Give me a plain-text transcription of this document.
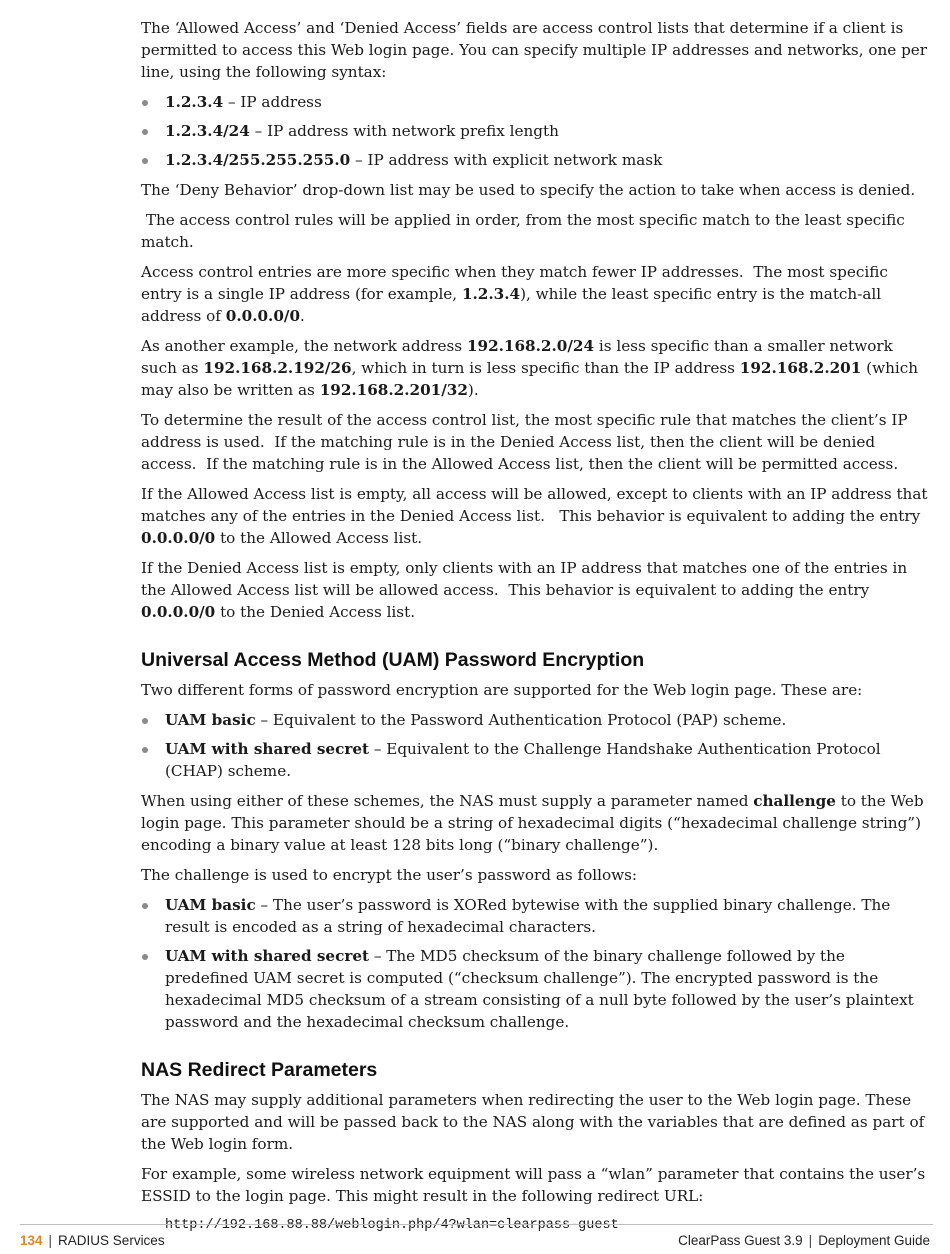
The ‘Allowed Access’ and ‘Denied Access’ fields are access control lists that determine if a client is permitted to access this Web login page. You can specify multiple IP addresses and networks, one per line, using the following syntax:

1.2.3.4 – IP address
1.2.3.4/24 – IP address with network prefix length
1.2.3.4/255.255.255.0 – IP address with explicit network mask

The ‘Deny Behavior’ drop-down list may be used to specify the action to take when access is denied.

The access control rules will be applied in order, from the most specific match to the least specific match.

Access control entries are more specific when they match fewer IP addresses.  The most specific entry is a single IP address (for example, 1.2.3.4), while the least specific entry is the match-all address of 0.0.0.0/0.

As another example, the network address 192.168.2.0/24 is less specific than a smaller network such as 192.168.2.192/26, which in turn is less specific than the IP address 192.168.2.201 (which may also be written as 192.168.2.201/32).

To determine the result of the access control list, the most specific rule that matches the client’s IP address is used.  If the matching rule is in the Denied Access list, then the client will be denied access.  If the matching rule is in the Allowed Access list, then the client will be permitted access.

If the Allowed Access list is empty, all access will be allowed, except to clients with an IP address that matches any of the entries in the Denied Access list.   This behavior is equivalent to adding the entry 0.0.0.0/0 to the Allowed Access list.

If the Denied Access list is empty, only clients with an IP address that matches one of the entries in the Allowed Access list will be allowed access.  This behavior is equivalent to adding the entry 0.0.0.0/0 to the Denied Access list.

Universal Access Method (UAM) Password Encryption

Two different forms of password encryption are supported for the Web login page. These are:

UAM basic – Equivalent to the Password Authentication Protocol (PAP) scheme.
UAM with shared secret – Equivalent to the Challenge Handshake Authentication Protocol (CHAP) scheme.

When using either of these schemes, the NAS must supply a parameter named challenge to the Web login page. This parameter should be a string of hexadecimal digits (“hexadecimal challenge string”) encoding a binary value at least 128 bits long (“binary challenge”).

The challenge is used to encrypt the user’s password as follows:

UAM basic – The user’s password is XORed bytewise with the supplied binary challenge. The result is encoded as a string of hexadecimal characters.
UAM with shared secret – The MD5 checksum of the binary challenge followed by the predefined UAM secret is computed (“checksum challenge”). The encrypted password is the hexadecimal MD5 checksum of a stream consisting of a null byte followed by the user’s plaintext password and the hexadecimal checksum challenge.
NAS Redirect Parameters

The NAS may supply additional parameters when redirecting the user to the Web login page. These are supported and will be passed back to the NAS along with the variables that are defined as part of the Web login form.

For example, some wireless network equipment will pass a “wlan” parameter that contains the user’s ESSID to the login page. This might result in the following redirect URL:

http://192.168.88.88/weblogin.php/4?wlan=clearpass-guest
134 | RADIUS Services	ClearPass Guest 3.9 | Deployment Guide
